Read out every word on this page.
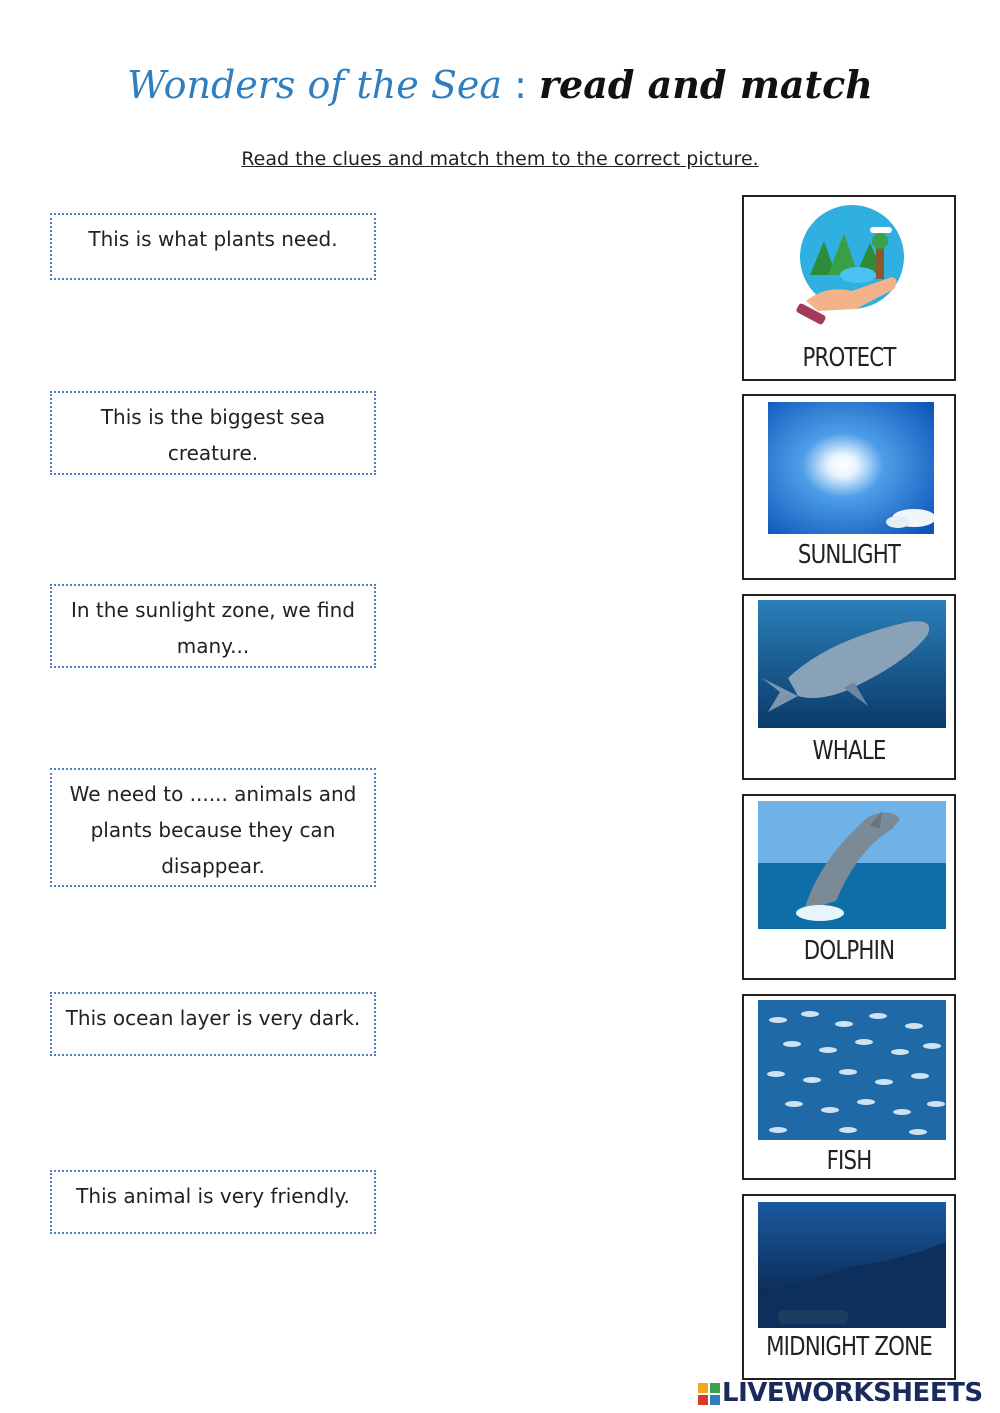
Wonders of the Sea : read and match
Read the clues and match them to the correct picture.
This is what plants need.
This is the biggest sea creature.
In the sunlight zone, we find many...
We need to ...... animals and plants because they can disappear.
This ocean layer is very dark.
This animal is very friendly.
PROTECT
SUNLIGHT
WHALE
DOLPHIN
FISH
MIDNIGHT ZONE
LIVEWORKSHEETS
